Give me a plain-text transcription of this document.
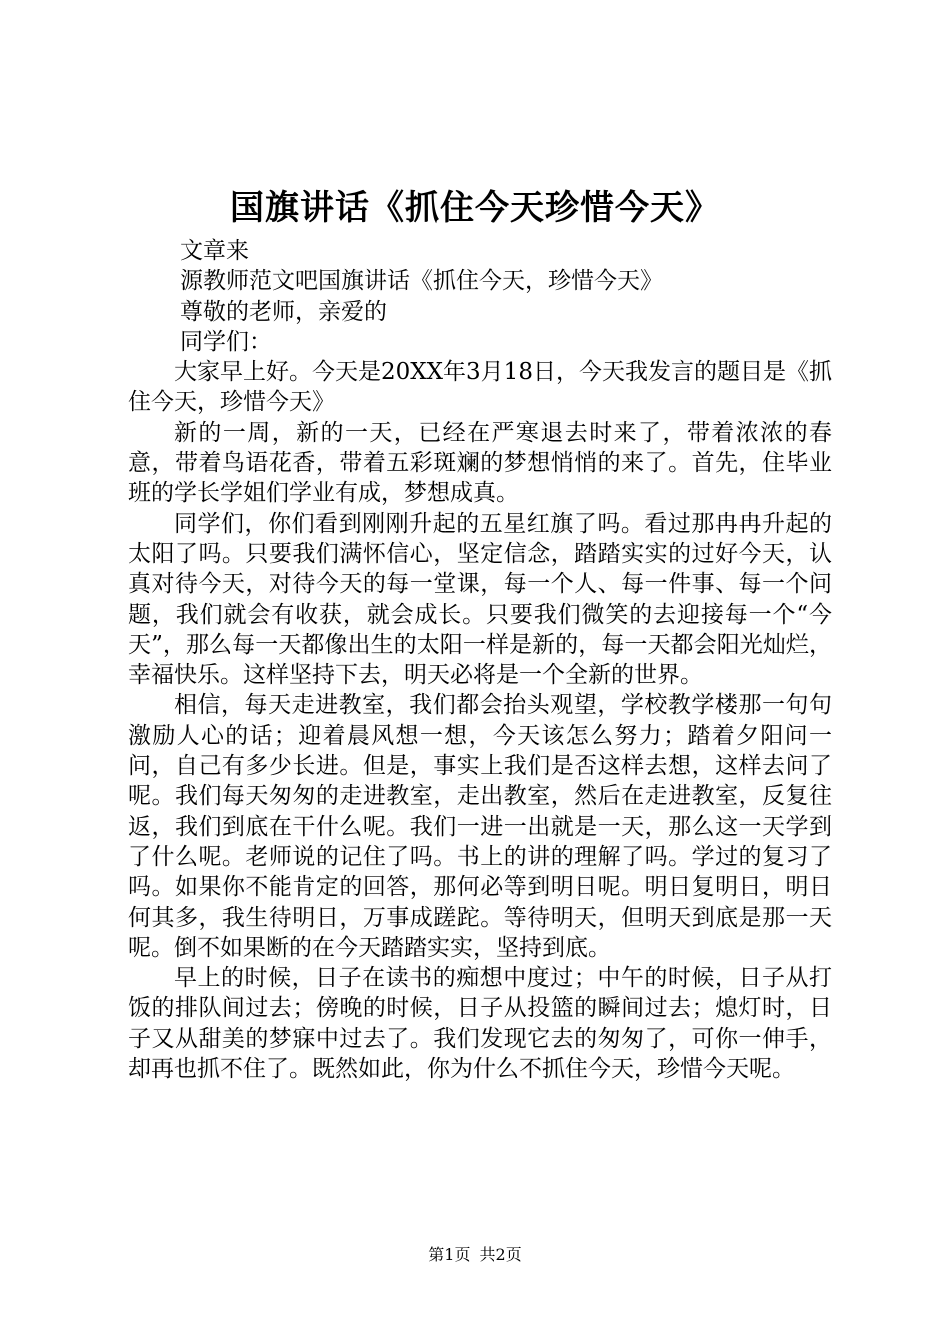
国旗讲话《抓住今天珍惜今天》

文章来

源教师范文吧国旗讲话《抓住今天，珍惜今天》

尊敬的老师，亲爱的

同学们：

大家早上好。今天是20XX年3月18日，今天我发言的题目是《抓住今天，珍惜今天》

新的一周，新的一天，已经在严寒退去时来了，带着浓浓的春意，带着鸟语花香，带着五彩斑斓的梦想悄悄的来了。首先，住毕业班的学长学姐们学业有成，梦想成真。

同学们，你们看到刚刚升起的五星红旗了吗。看过那冉冉升起的太阳了吗。只要我们满怀信心，坚定信念，踏踏实实的过好今天，认真对待今天，对待今天的每一堂课，每一个人、每一件事、每一个问题，我们就会有收获，就会成长。只要我们微笑的去迎接每一个“今天”，那么每一天都像出生的太阳一样是新的，每一天都会阳光灿烂，幸福快乐。这样坚持下去，明天必将是一个全新的世界。

相信，每天走进教室，我们都会抬头观望，学校教学楼那一句句激励人心的话；迎着晨风想一想，今天该怎么努力；踏着夕阳问一问，自己有多少长进。但是，事实上我们是否这样去想，这样去问了呢。我们每天匆匆的走进教室，走出教室，然后在走进教室，反复往返，我们到底在干什么呢。我们一进一出就是一天，那么这一天学到了什么呢。老师说的记住了吗。书上的讲的理解了吗。学过的复习了吗。如果你不能肯定的回答，那何必等到明日呢。明日复明日，明日何其多，我生待明日，万事成蹉跎。等待明天，但明天到底是那一天呢。倒不如果断的在今天踏踏实实，坚持到底。

早上的时候，日子在读书的痴想中度过；中午的时候，日子从打饭的排队间过去；傍晚的时候，日子从投篮的瞬间过去；熄灯时，日子又从甜美的梦寐中过去了。我们发现它去的匆匆了，可你一伸手，却再也抓不住了。既然如此，你为什么不抓住今天，珍惜今天呢。

第1页 共2页
